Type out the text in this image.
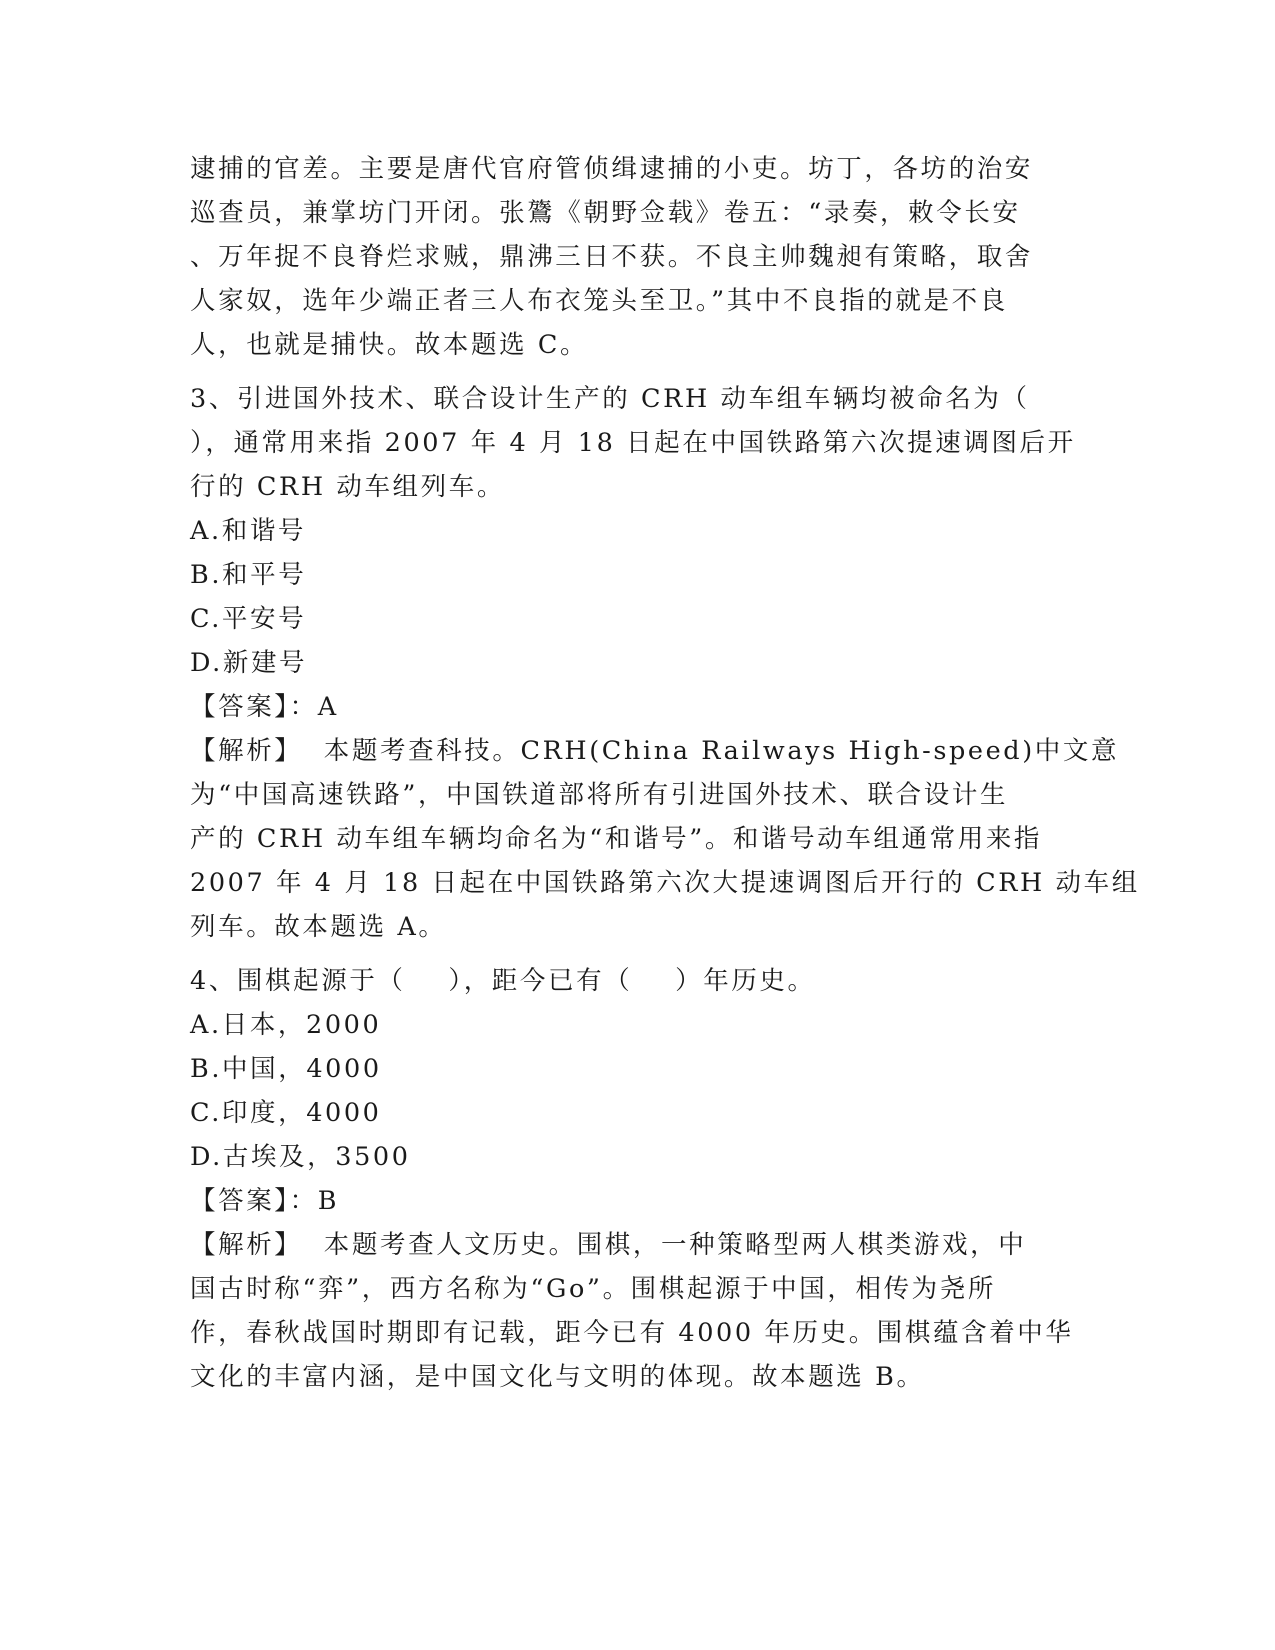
逮捕的官差。主要是唐代官府管侦缉逮捕的小吏。坊丁，各坊的治安
巡查员，兼掌坊门开闭。张鷟《朝野佥载》卷五：“录奏，敕令长安
、万年捉不良脊烂求贼，鼎沸三日不获。不良主帅魏昶有策略，取舍
人家奴，选年少端正者三人布衣笼头至卫。”其中不良指的就是不良
人，也就是捕快。故本题选 C。
3、引进国外技术、联合设计生产的 CRH 动车组车辆均被命名为（
），通常用来指 2007 年 4 月 18 日起在中国铁路第六次提速调图后开
行的 CRH 动车组列车。
A.和谐号
B.和平号
C.平安号
D.新建号
【答案】：A
【解析】  本题考查科技。CRH(China Railways High-speed)中文意
为“中国高速铁路”，中国铁道部将所有引进国外技术、联合设计生
产的 CRH 动车组车辆均命名为“和谐号”。和谐号动车组通常用来指
2007 年 4 月 18 日起在中国铁路第六次大提速调图后开行的 CRH 动车组
列车。故本题选 A。
4、围棋起源于（    ），距今已有（    ）年历史。
A.日本，2000
B.中国，4000
C.印度，4000
D.古埃及，3500
【答案】：B
【解析】  本题考查人文历史。围棋，一种策略型两人棋类游戏，中
国古时称“弈”，西方名称为“Go”。围棋起源于中国，相传为尧所
作，春秋战国时期即有记载，距今已有 4000 年历史。围棋蕴含着中华
文化的丰富内涵，是中国文化与文明的体现。故本题选 B。
